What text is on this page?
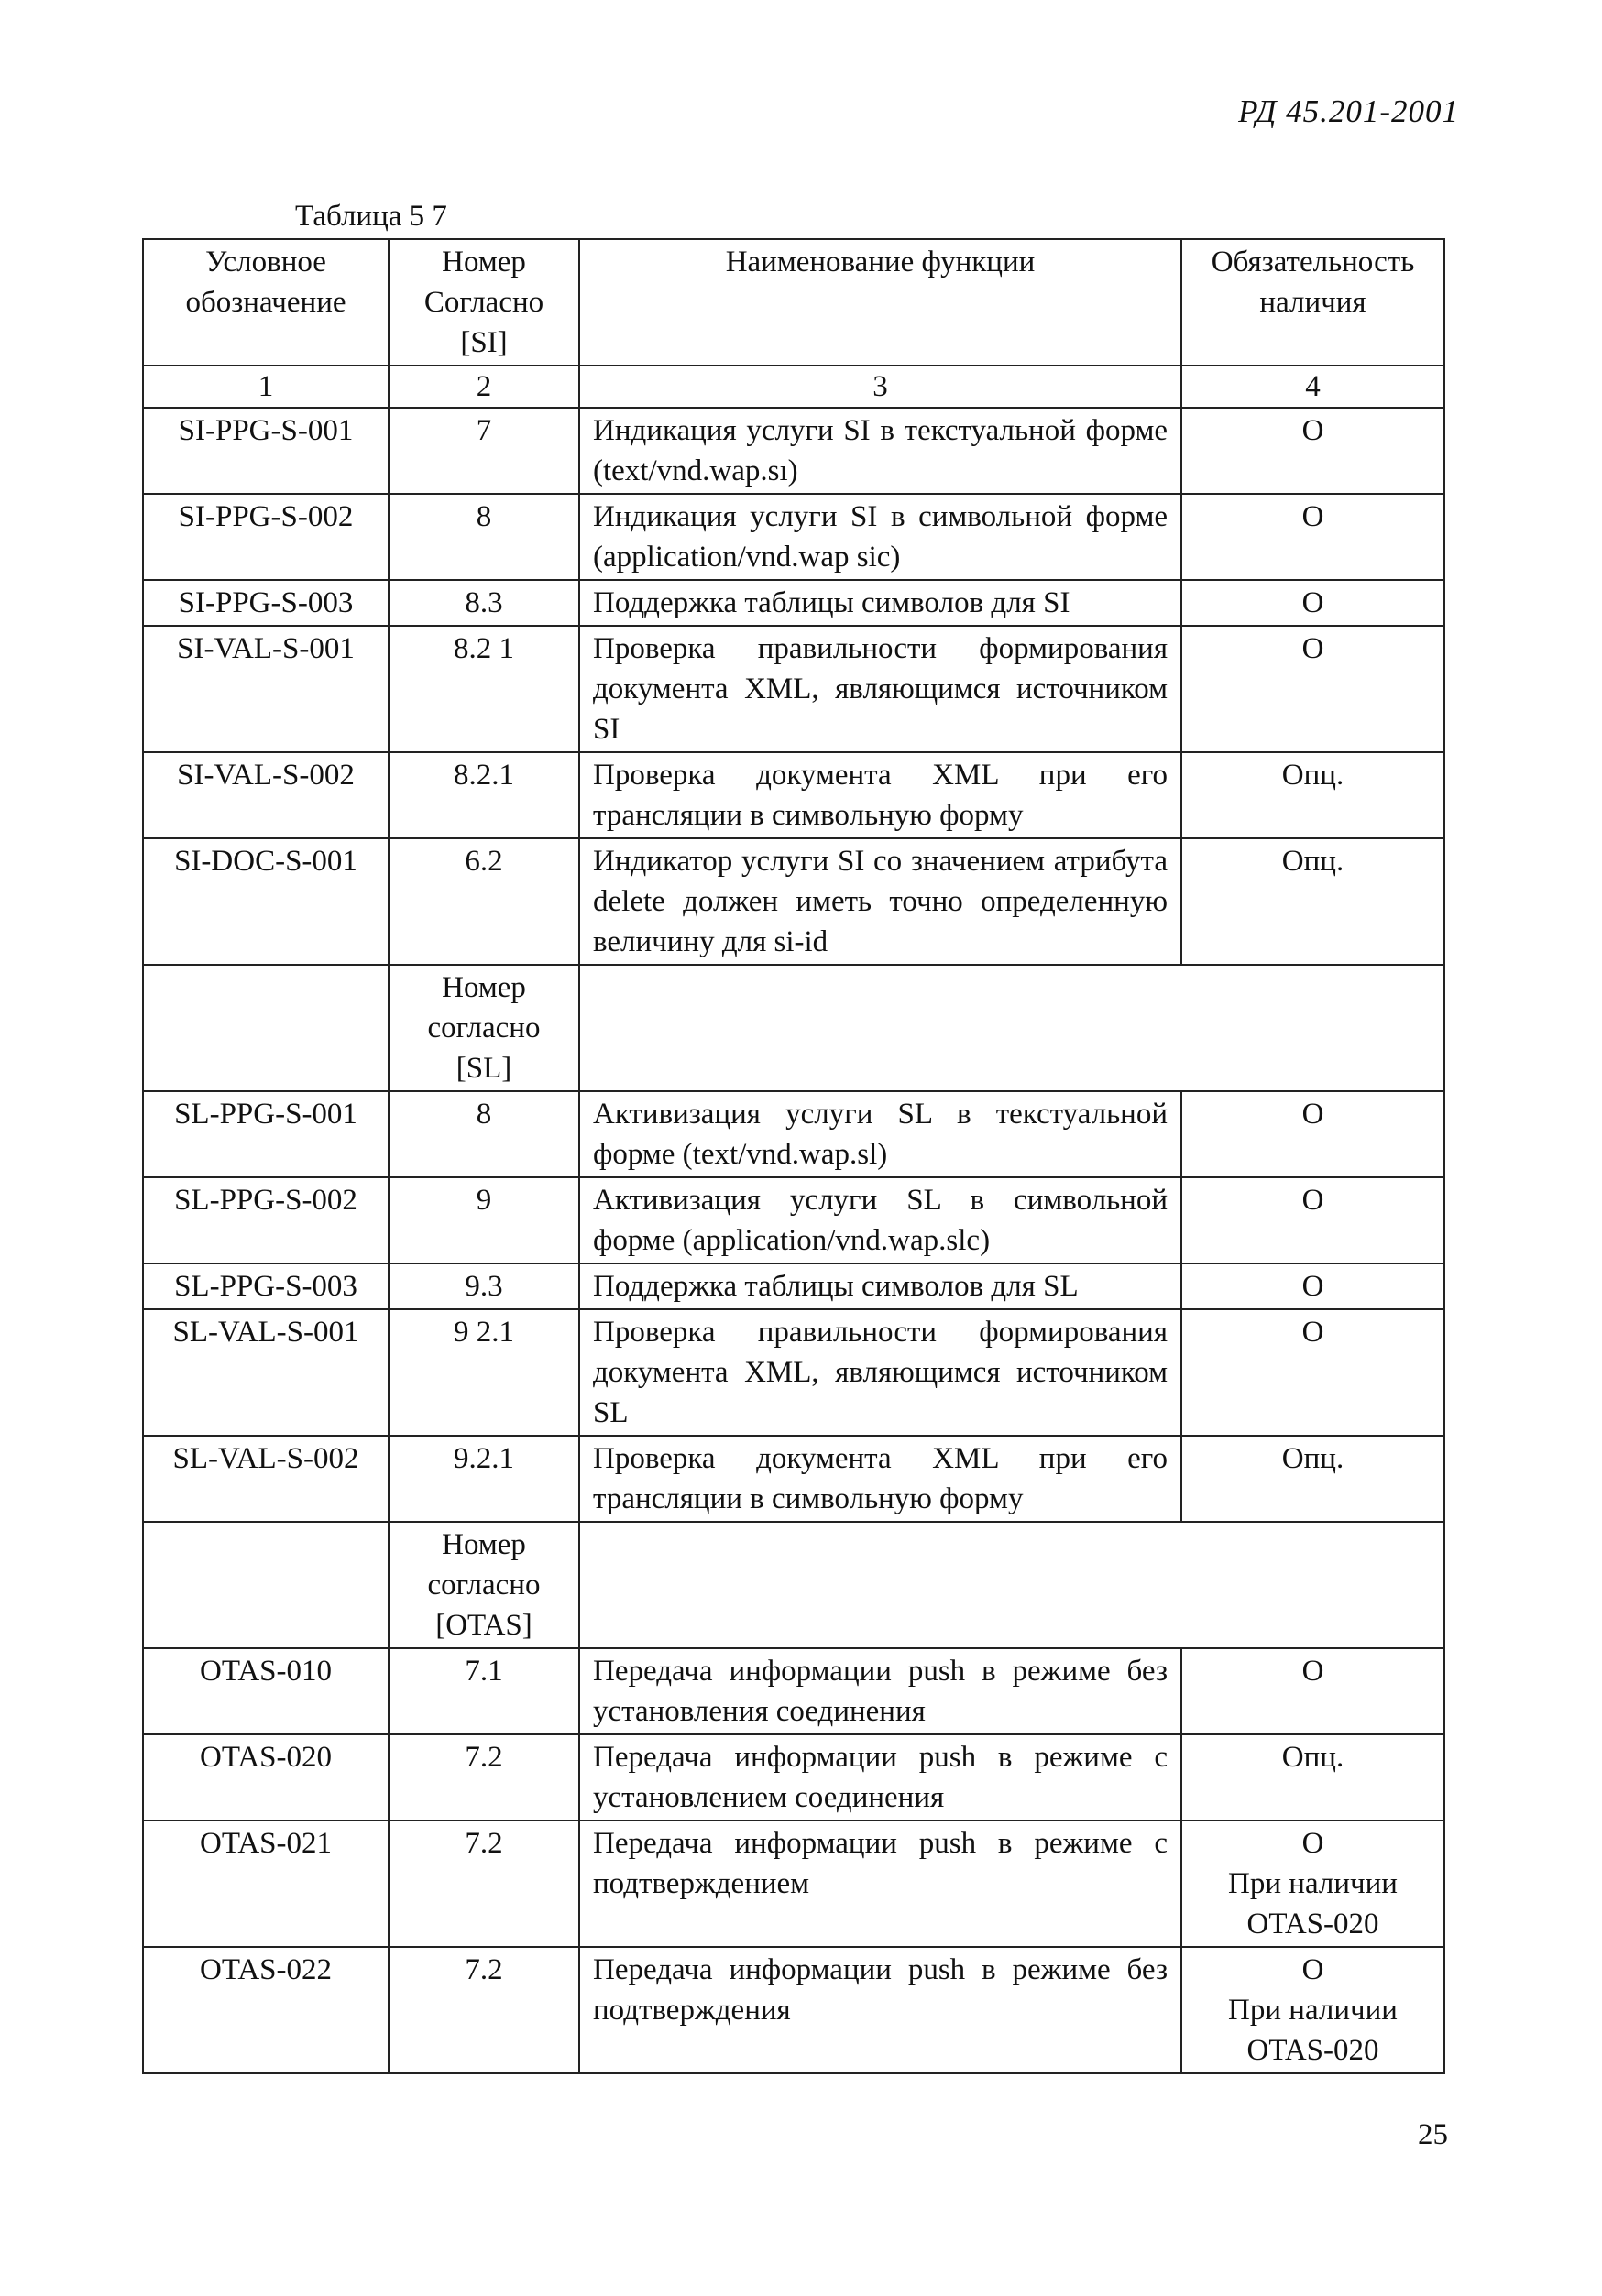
РД 45.201-2001
Таблица 5 7
Условное обозначение	Номер Согласно [SI]	Наименование функции	Обязательность наличия
1	2	3	4
SI-PPG-S-001	7	Индикация услуги SI в текстуальной форме (text/vnd.wap.sı)	О

SI-PPG-S-002	8	Индикация услуги SI в символьной форме (application/vnd.wap sic)	О

SI-PPG-S-003	8.3	Поддержка таблицы символов для SI	О

SI-VAL-S-001	8.2 1	Проверка правильности формирования документа XML, являющимся источником SI	О

SI-VAL-S-002	8.2.1	Проверка документа XML при его трансляции в символьную форму	Опц.

SI-DOC-S-001	6.2	Индикатор услуги SI со значением атрибута delete должен иметь точно определенную величину для si-id	Опц.

	Номер согласно [SL]		
SL-PPG-S-001	8	Активизация услуги SL в текстуальной форме (text/vnd.wap.sl)	О

SL-PPG-S-002	9	Активизация услуги SL в символьной форме (application/vnd.wap.slc)	О

SL-PPG-S-003	9.3	Поддержка таблицы символов для SL	О

SL-VAL-S-001	9 2.1	Проверка правильности формирования документа XML, являющимся источником SL	О

SL-VAL-S-002	9.2.1	Проверка документа XML при его трансляции в символьную форму	Опц.

	Номер согласно [OTAS]		
OTAS-010	7.1	Передача информации push в режиме без установления соединения	О

OTAS-020	7.2	Передача информации push в режиме с установлением соединения	Опц.

OTAS-021	7.2	Передача информации push в режиме с подтверждением	О
При наличии OTAS-020

OTAS-022	7.2	Передача информации push в режиме без подтверждения	О
При наличии OTAS-020
25
